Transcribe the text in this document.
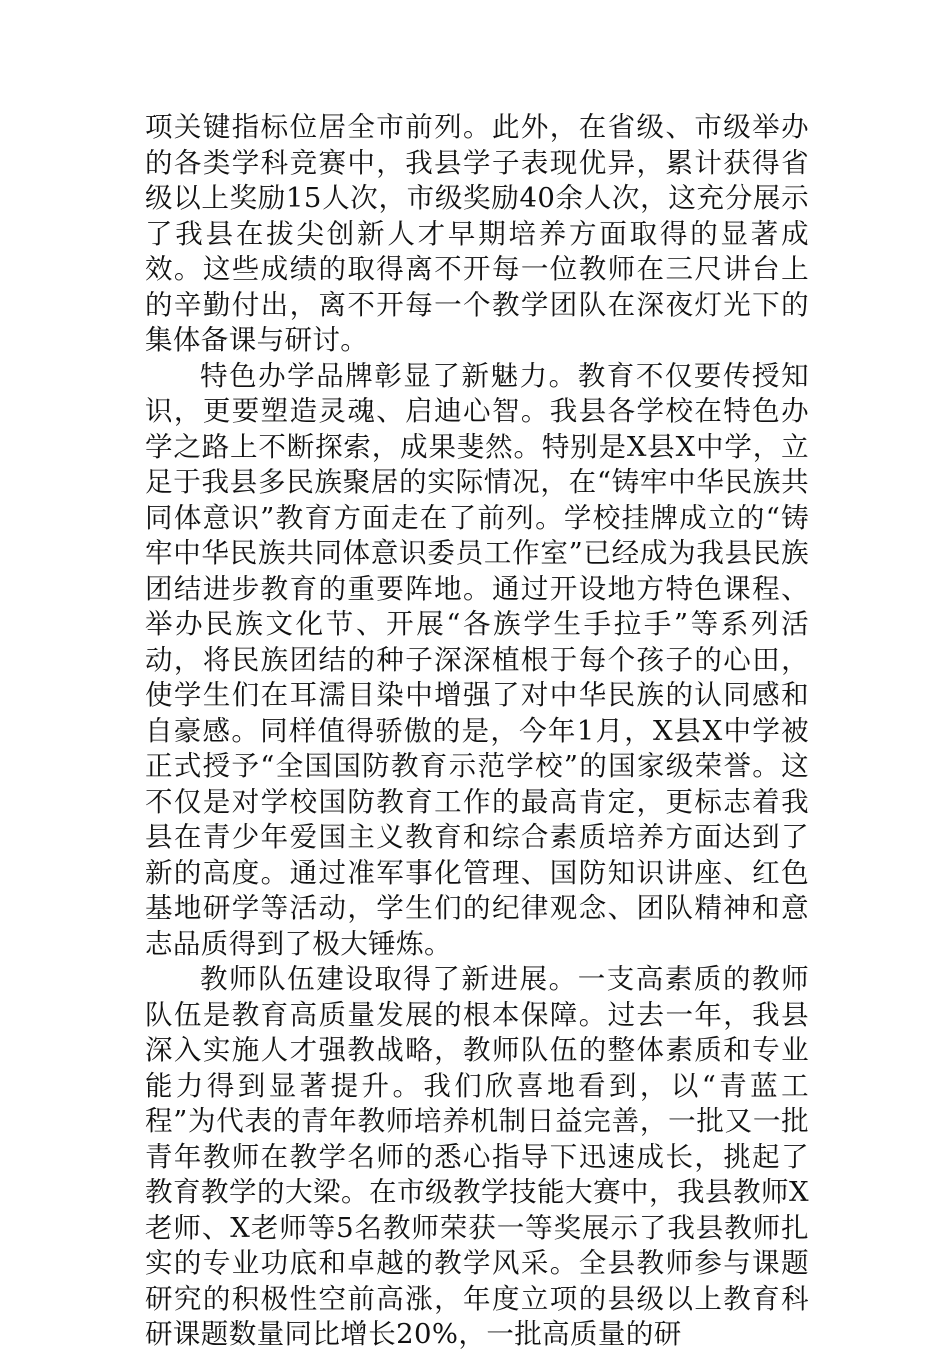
项关键指标位居全市前列。此外，在省级、市级举办的各类学科竞赛中，我县学子表现优异，累计获得省级以上奖励15人次，市级奖励40余人次，这充分展示了我县在拔尖创新人才早期培养方面取得的显著成效。这些成绩的取得离不开每一位教师在三尺讲台上的辛勤付出，离不开每一个教学团队在深夜灯光下的集体备课与研讨。

特色办学品牌彰显了新魅力。教育不仅要传授知识，更要塑造灵魂、启迪心智。我县各学校在特色办学之路上不断探索，成果斐然。特别是X县X中学，立足于我县多民族聚居的实际情况，在“铸牢中华民族共同体意识”教育方面走在了前列。学校挂牌成立的“铸牢中华民族共同体意识委员工作室”已经成为我县民族团结进步教育的重要阵地。通过开设地方特色课程、举办民族文化节、开展“各族学生手拉手”等系列活动，将民族团结的种子深深植根于每个孩子的心田，使学生们在耳濡目染中增强了对中华民族的认同感和自豪感。同样值得骄傲的是，今年1月，X县X中学被正式授予“全国国防教育示范学校”的国家级荣誉。这不仅是对学校国防教育工作的最高肯定，更标志着我县在青少年爱国主义教育和综合素质培养方面达到了新的高度。通过准军事化管理、国防知识讲座、红色基地研学等活动，学生们的纪律观念、团队精神和意志品质得到了极大锤炼。

教师队伍建设取得了新进展。一支高素质的教师队伍是教育高质量发展的根本保障。过去一年，我县深入实施人才强教战略，教师队伍的整体素质和专业能力得到显著提升。我们欣喜地看到，以“青蓝工程”为代表的青年教师培养机制日益完善，一批又一批青年教师在教学名师的悉心指导下迅速成长，挑起了教育教学的大梁。在市级教学技能大赛中，我县教师X老师、X老师等5名教师荣获一等奖展示了我县教师扎实的专业功底和卓越的教学风采。全县教师参与课题研究的积极性空前高涨，年度立项的县级以上教育科研课题数量同比增长20%，一批高质量的研
